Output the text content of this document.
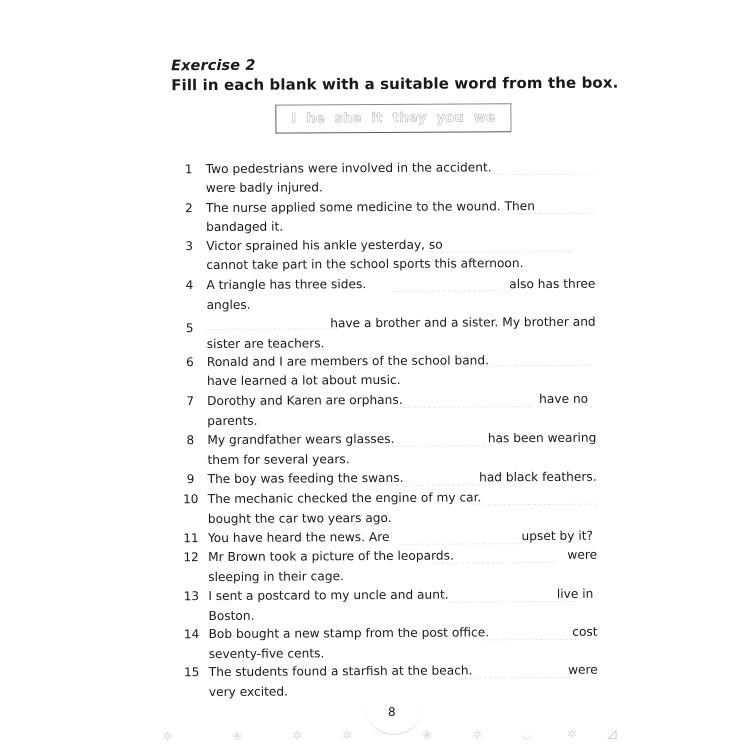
Exercise 2
Fill in each blank with a suitable word from the box.
I he she it they you we
1	Two pedestrians were involved in the accident.
were badly injured.
2	The nurse applied some medicine to the wound. Then
bandaged it.
3	Victor sprained his ankle yesterday, so
cannot take part in the school sports this afternoon.
4	A triangle has three sides.	also has three
angles.
5	have a brother and a sister. My brother and
sister are teachers.
6	Ronald and I are members of the school band.
have learned a lot about music.
7	Dorothy and Karen are orphans.	have no
parents.
8	My grandfather wears glasses.	has been wearing
them for several years.
9	The boy was feeding the swans.	had black feathers.
10 The mechanic checked the engine of my car.
bought the car two years ago.
11 You have heard the news. Are	upset by it?
12 Mr Brown took a picture of the leopards.	were
sleeping in their cage.
13 I sent a postcard to my uncle and aunt.	live in
Boston.
14 Bob bought a new stamp from the post office.	cost
seventy-five cents.
15 The students found a starfish at the beach.	were
very excited.
8
✲	❀	✲	✲	❀	✲	◡	✲ ◿
